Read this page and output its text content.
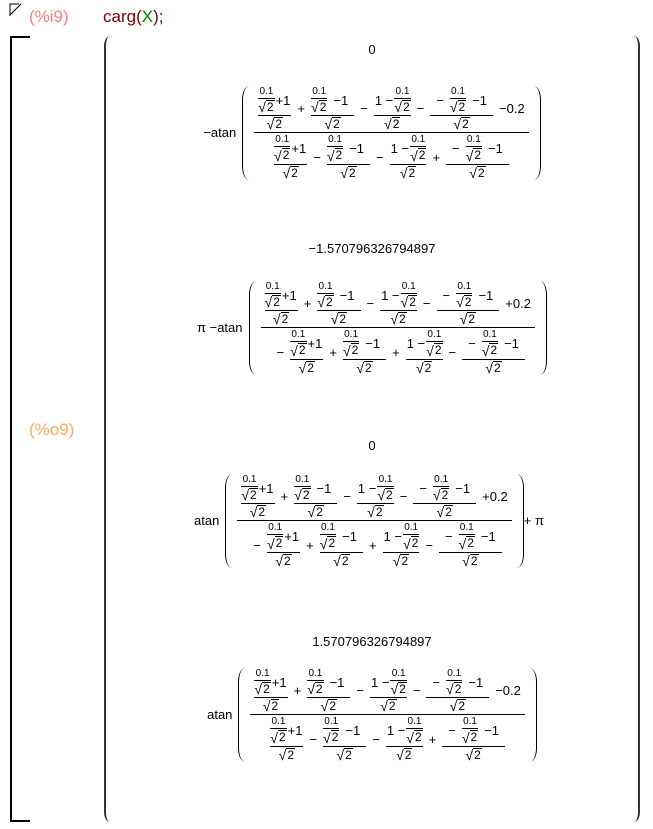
(%i9) carg(X);
(%o9)
0
$-atan \frac{\frac{\frac{0.1}{√ 2} +1}{√ 2} + \frac{\frac{0.1}{√ 2} -1}{√ 2} - \frac{1 - \frac{0.1}{√ 2}}{√ 2} - \frac{- \frac{0.1}{√ 2} -1}{√ 2} -0.2}{\frac{\frac{0.1}{√ 2} +1}{√ 2} - \frac{\frac{0.1}{√ 2} -1}{√ 2} - \frac{1 - \frac{0.1}{√ 2}}{√ 2} + \frac{- \frac{0.1}{√ 2} -1}{√ 2}}$
−1.570796326794897
$\pi -atan \frac{\frac{\frac{0.1}{√ 2} +1}{√ 2} + \frac{\frac{0.1}{√ 2} -1}{√ 2} - \frac{1 - \frac{0.1}{√ 2}}{√ 2} - \frac{- \frac{0.1}{√ 2} -1}{√ 2} +0.2}{- \frac{\frac{0.1}{√ 2} +1}{√ 2} + \frac{\frac{0.1}{√ 2} -1}{√ 2} + \frac{1 - \frac{0.1}{√ 2}}{√ 2} - \frac{- \frac{0.1}{√ 2} -1}{√ 2}}$
0
atan $\frac{\frac{\frac{0.1}{√ 2} +1}{√ 2} + \frac{\frac{0.1}{√ 2} -1}{√ 2} - \frac{1 - \frac{0.1}{√ 2}}{√ 2} - \frac{- \frac{0.1}{√ 2} -1}{√ 2} +0.2}{- \frac{\frac{0.1}{√ 2} +1}{√ 2} + \frac{\frac{0.1}{√ 2} -1}{√ 2} + \frac{1 - \frac{0.1}{√ 2}}{√ 2} - \frac{- \frac{0.1}{√ 2} -1}{√ 2}} + \pi$
1.570796326794897
atan $\frac{\frac{\frac{0.1}{√ 2} +1}{√ 2} + \frac{\frac{0.1}{√ 2} -1}{√ 2} - \frac{1 - \frac{0.1}{√ 2}}{√ 2} - \frac{- \frac{0.1}{√ 2} -1}{√ 2} -0.2}{\frac{\frac{0.1}{√ 2} +1}{√ 2} - \frac{\frac{0.1}{√ 2} -1}{√ 2} - \frac{1 - \frac{0.1}{√ 2}}{√ 2} + \frac{- \frac{0.1}{√ 2} -1}{√ 2}}$
